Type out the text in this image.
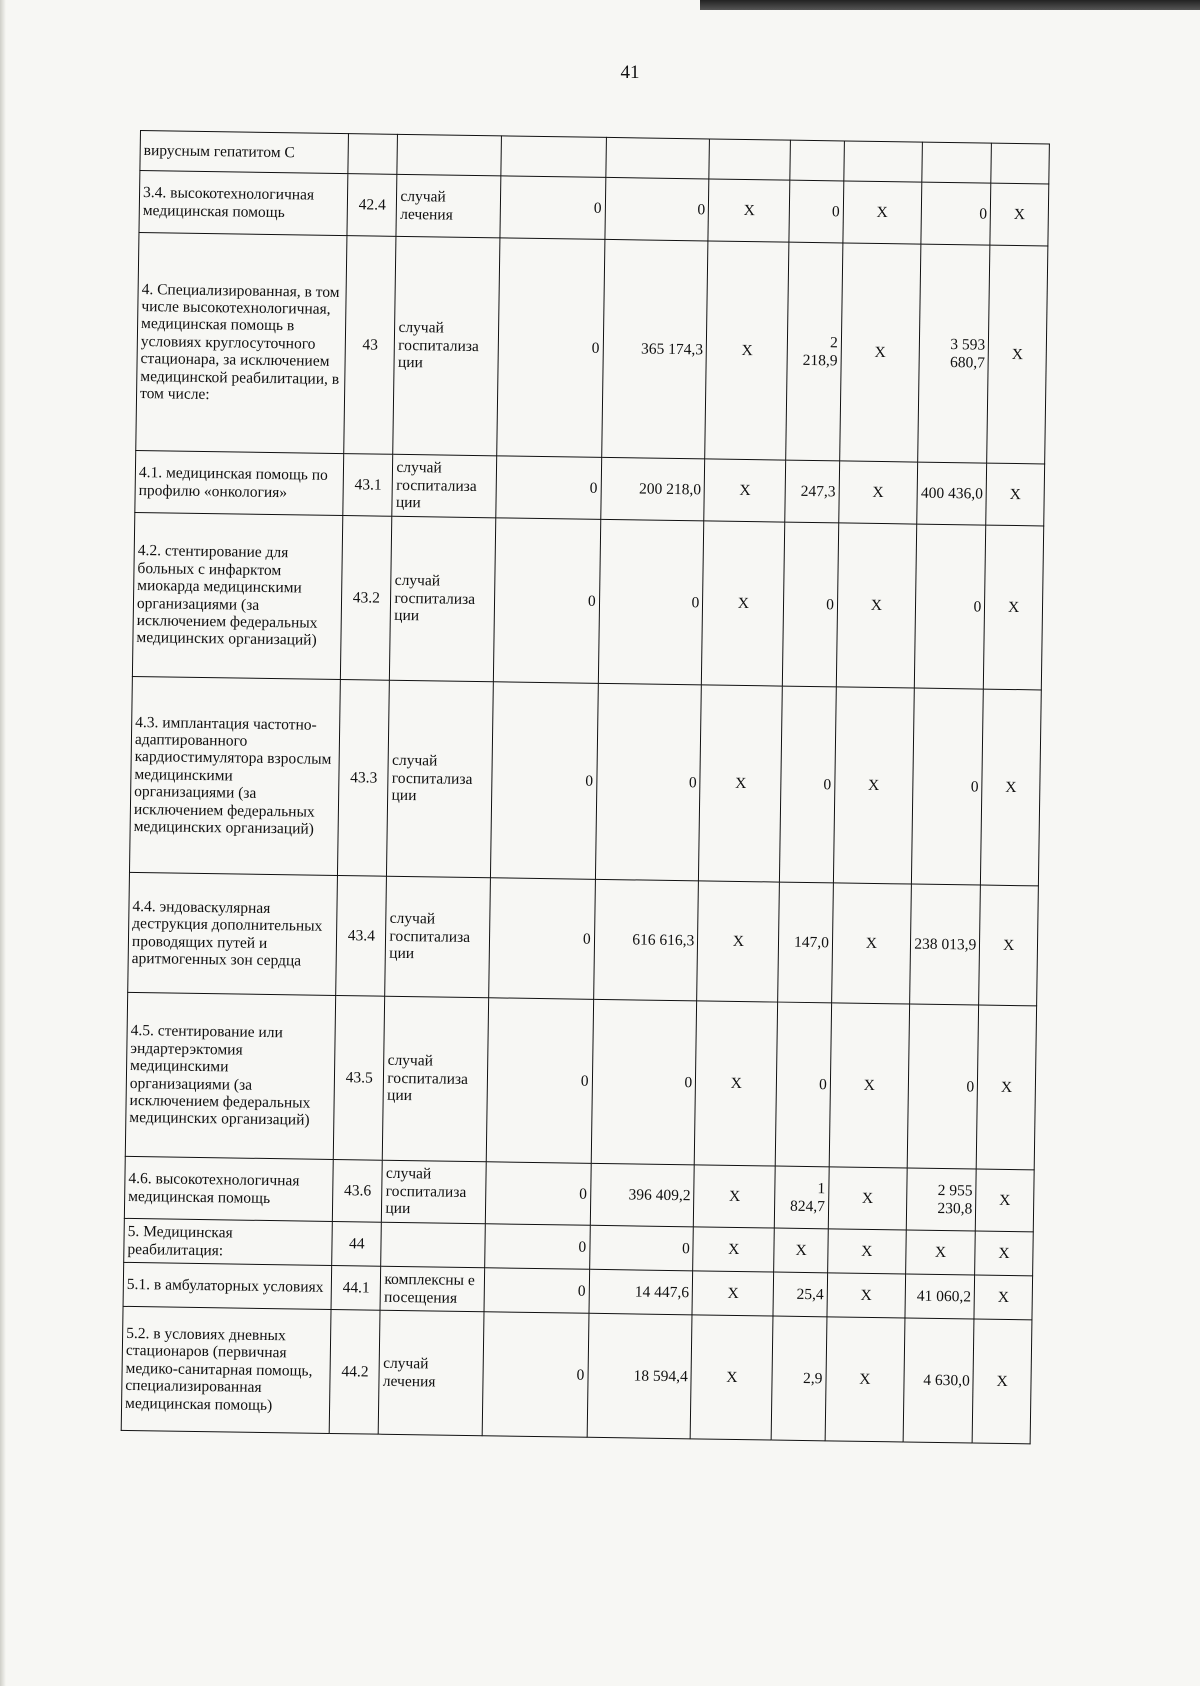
41
вирусным гепатитом С									
3.4. высокотехнологичная медицинская помощь	42.4	случай лечения	0	0	Х	0	Х	0	Х
4. Специализированная, в том числе высокотехнологичная, медицинская помощь в условиях круглосуточного стационара, за исключением медицинской реабилитации, в том числе:	43	случай госпитализа ции	0	365 174,3	Х	2 218,9	Х	3 593 680,7	Х
4.1. медицинская помощь по профилю «онкология»	43.1	случай госпитализа ции	0	200 218,0	Х	247,3	Х	400 436,0	Х
4.2. стентирование для больных с инфарктом миокарда медицинскими организациями (за исключением федеральных медицинских организаций)	43.2	случай госпитализа ции	0	0	Х	0	Х	0	Х
4.3. имплантация частотно-адаптированного кардиостимулятора взрослым медицинскими организациями (за исключением федеральных медицинских организаций)	43.3	случай госпитализа ции	0	0	Х	0	Х	0	Х
4.4. эндоваскулярная деструкция дополнительных проводящих путей и аритмогенных зон сердца	43.4	случай госпитализа ции	0	616 616,3	Х	147,0	Х	238 013,9	Х
4.5. стентирование или эндартерэктомия медицинскими организациями (за исключением федеральных медицинских организаций)	43.5	случай госпитализа ции	0	0	Х	0	Х	0	Х
4.6. высокотехнологичная медицинская помощь	43.6	случай госпитализа ции	0	396 409,2	Х	1 824,7	Х	2 955 230,8	Х
5. Медицинская реабилитация:	44		0	0	Х	Х	Х	Х	Х
5.1. в амбулаторных условиях	44.1	комплексны е посещения	0	14 447,6	Х	25,4	Х	41 060,2	Х
5.2. в условиях дневных стационаров (первичная медико-санитарная помощь, специализированная медицинская помощь)	44.2	случай лечения	0	18 594,4	Х	2,9	Х	4 630,0	Х
